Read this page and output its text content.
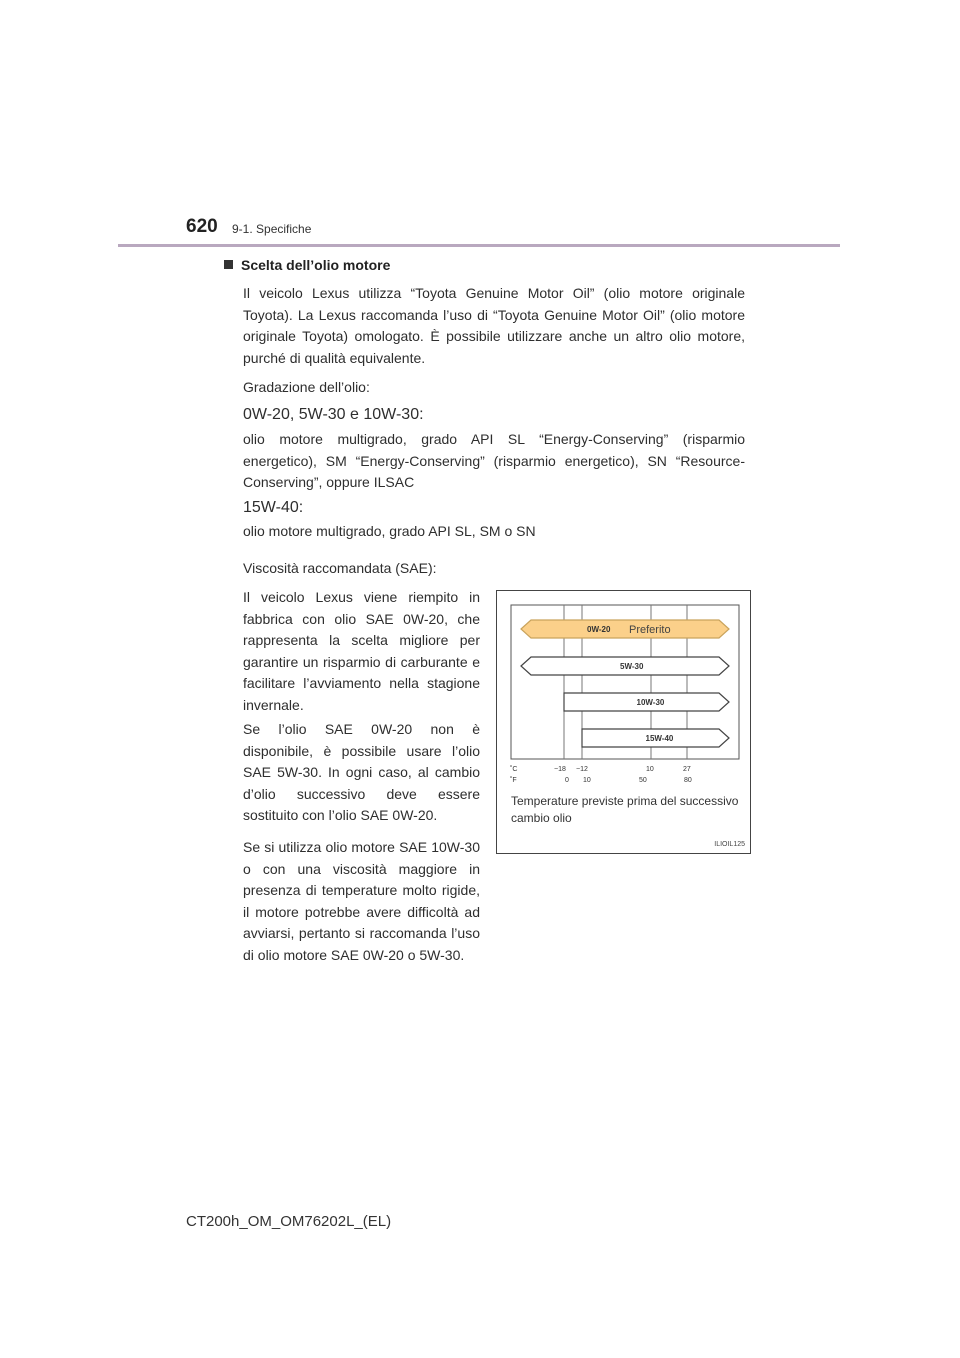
620 9-1. Specifiche
Scelta dell’olio motore
Il veicolo Lexus utilizza “Toyota Genuine Motor Oil” (olio motore originale Toyota). La Lexus raccomanda l’uso di “Toyota Genuine Motor Oil” (olio motore originale Toyota) omologato. È possibile utilizzare anche un altro olio motore, purché di qualità equivalente.
Gradazione dell’olio:
0W-20, 5W-30 e 10W-30:
olio motore multigrado, grado API SL “Energy-Conserving” (risparmio energetico), SM “Energy-Conserving” (risparmio energetico), SN “Resource-Conserving”, oppure ILSAC
15W-40:
olio motore multigrado, grado API SL, SM o SN
Viscosità raccomandata (SAE):
Il veicolo Lexus viene riempito in fabbrica con olio SAE 0W-20, che rappresenta la scelta migliore per garantire un risparmio di carburante e facilitare l’avviamento nella stagione invernale.
Se l’olio SAE 0W-20 non è disponibile, è possibile usare l’olio SAE 5W-30. In ogni caso, al cambio d’olio successivo deve essere sostituito con l’olio SAE 0W-20.
Se si utilizza olio motore SAE 10W-30 o con una viscosità maggiore in presenza di temperature molto rigide, il motore potrebbe avere difficoltà ad avviarsi, pertanto si raccomanda l’uso di olio motore SAE 0W-20 o 5W-30.
0W-20 Preferito
5W-30
10W-30
15W-40
˚C
˚F
−18 −12	10	27
0 10	50	80
Temperature previste prima del successivo cambio olio
ILIOIL125
CT200h_OM_OM76202L_(EL)
